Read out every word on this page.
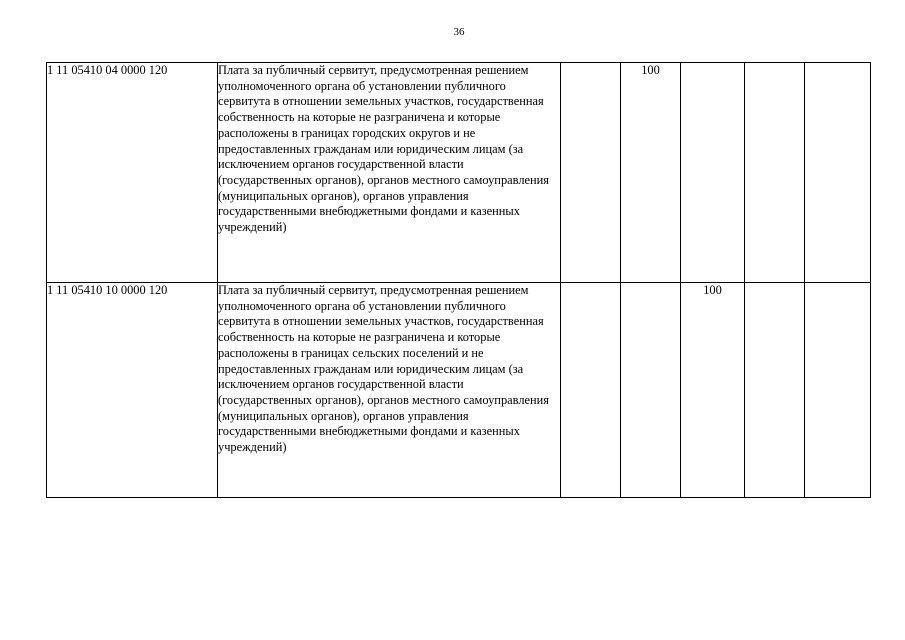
36
1 11 05410 04 0000 120	Плата за публичный сервитут, предусмотренная решением уполномоченного органа об установлении публичного сервитута в отношении земельных участков, государственная собственность на которые не разграничена и которые расположены в границах городских округов и не предоставленных гражданам или юридическим лицам (за исключением органов государственной власти (государственных органов), органов местного самоуправления (муниципальных органов), органов управления государственными внебюджетными фондами и казенных учреждений)		100			
1 11 05410 10 0000 120	Плата за публичный сервитут, предусмотренная решением уполномоченного органа об установлении публичного сервитута в отношении земельных участков, государственная собственность на которые не разграничена и которые расположены в границах сельских поселений и не предоставленных гражданам или юридическим лицам (за исключением органов государственной власти (государственных органов), органов местного самоуправления (муниципальных органов), органов управления государственными внебюджетными фондами и казенных учреждений)			100		
